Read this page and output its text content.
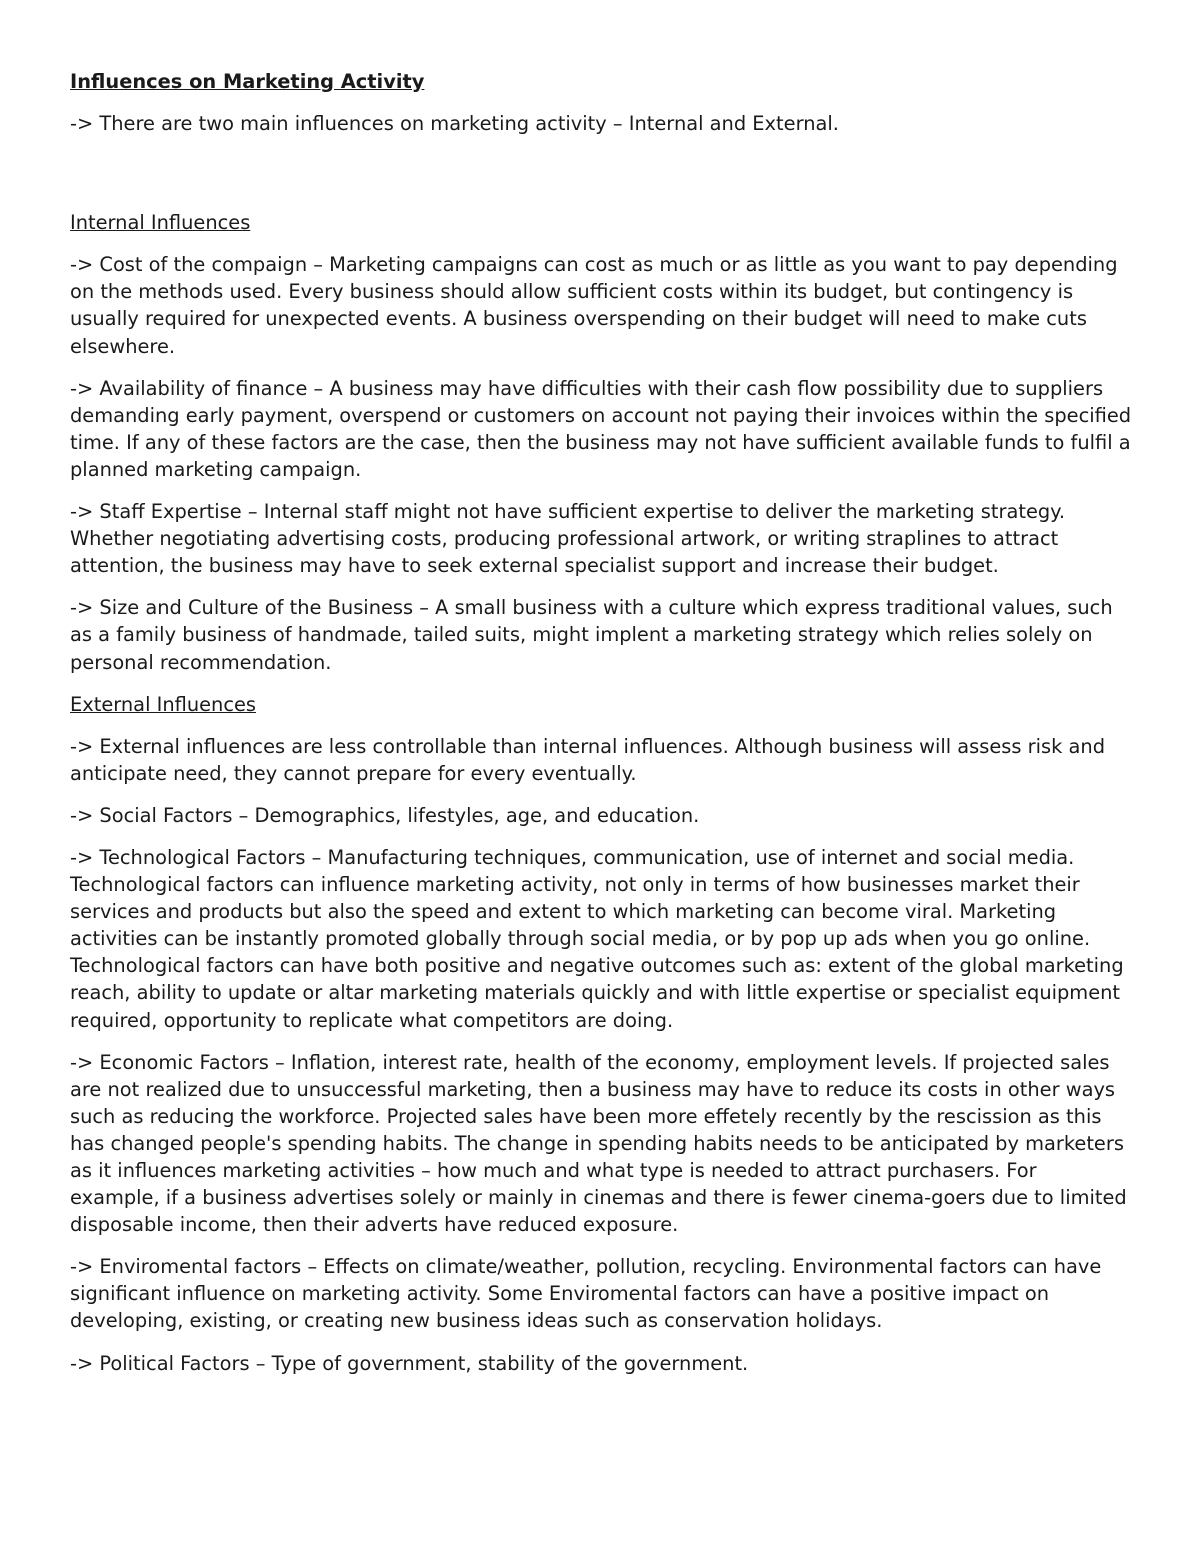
Influences on Marketing Activity
-> There are two main influences on marketing activity – Internal and External.
Internal Influences
-> Cost of the compaign – Marketing campaigns can cost as much or as little as you want to pay depending on the methods used. Every business should allow sufficient costs within its budget, but contingency is usually required for unexpected events. A business overspending on their budget will need to make cuts elsewhere.
-> Availability of finance – A business may have difficulties with their cash flow possibility due to suppliers demanding early payment, overspend or customers on account not paying their invoices within the specified time. If any of these factors are the case, then the business may not have sufficient available funds to fulfil a planned marketing campaign.
-> Staff Expertise – Internal staff might not have sufficient expertise to deliver the marketing strategy. Whether negotiating advertising costs, producing professional artwork, or writing straplines to attract attention, the business may have to seek external specialist support and increase their budget.
-> Size and Culture of the Business – A small business with a culture which express traditional values, such as a family business of handmade, tailed suits, might implent a marketing strategy which relies solely on personal recommendation.
External Influences
-> External influences are less controllable than internal influences. Although business will assess risk and anticipate need, they cannot prepare for every eventually.
-> Social Factors – Demographics, lifestyles, age, and education.
-> Technological Factors – Manufacturing techniques, communication, use of internet and social media. Technological factors can influence marketing activity, not only in terms of how businesses market their services and products but also the speed and extent to which marketing can become viral. Marketing activities can be instantly promoted globally through social media, or by pop up ads when you go online. Technological factors can have both positive and negative outcomes such as: extent of the global marketing reach, ability to update or altar marketing materials quickly and with little expertise or specialist equipment required, opportunity to replicate what competitors are doing.
-> Economic Factors – Inflation, interest rate, health of the economy, employment levels. If projected sales are not realized due to unsuccessful marketing, then a business may have to reduce its costs in other ways such as reducing the workforce. Projected sales have been more effetely recently by the rescission as this has changed people's spending habits. The change in spending habits needs to be anticipated by marketers as it influences marketing activities – how much and what type is needed to attract purchasers. For example, if a business advertises solely or mainly in cinemas and there is fewer cinema-goers due to limited disposable income, then their adverts have reduced exposure.
-> Enviromental factors – Effects on climate/weather, pollution, recycling. Environmental factors can have significant influence on marketing activity. Some Enviromental factors can have a positive impact on developing, existing, or creating new business ideas such as conservation holidays.
-> Political Factors – Type of government, stability of the government.
